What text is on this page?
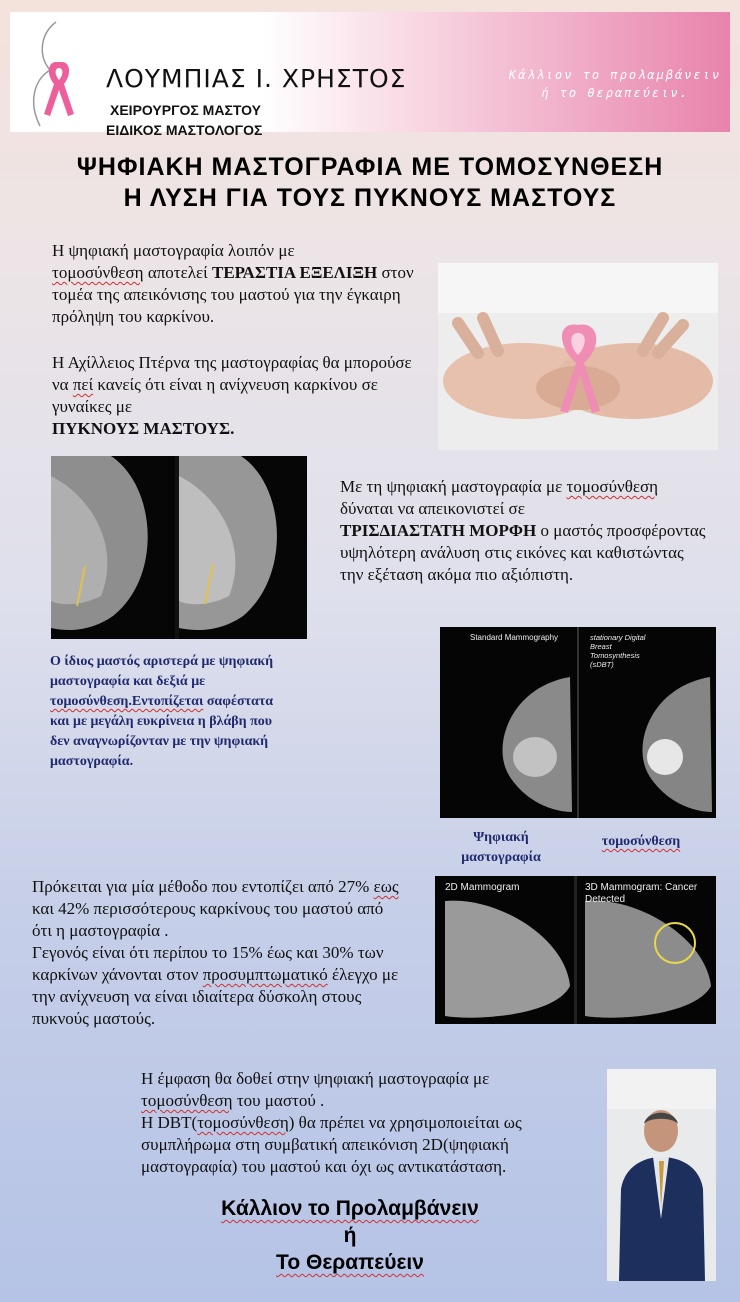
ΛΟΥΜΠΙΑΣ Ι. ΧΡΗΣΤΟΣ
ΧΕΙΡΟΥΡΓΟΣ ΜΑΣΤΟΥ
ΕΙΔΙΚΟΣ ΜΑΣΤΟΛΟΓΟΣ
Κάλλιον το προλαμβάνειν
ή το θεραπεύειν.
ΨΗΦΙΑΚΗ ΜΑΣΤΟΓΡΑΦΙΑ ΜΕ ΤΟΜΟΣΥΝΘΕΣΗ
Η ΛΥΣΗ ΓΙΑ ΤΟΥΣ ΠΥΚΝΟΥΣ ΜΑΣΤΟΥΣ
Η ψηφιακή μαστογραφία λοιπόν με
τομοσύνθεση αποτελεί ΤΕΡΑΣΤΙΑ ΕΞΕΛΙΞΗ στον τομέα της απεικόνισης του μαστού για την έγκαιρη πρόληψη του καρκίνου.
Η Αχίλλειος Πτέρνα της μαστογραφίας θα μπορούσε να πεί κανείς ότι είναι η ανίχνευση καρκίνου σε γυναίκες με
ΠΥΚΝΟΥΣ ΜΑΣΤΟΥΣ.
Με τη ψηφιακή μαστογραφία με τομοσύνθεση
δύναται να απεικονιστεί σε
ΤΡΙΣΔΙΑΣΤΑΤΗ ΜΟΡΦΗ ο μαστός προσφέροντας υψηλότερη ανάλυση στις εικόνες και καθιστώντας την εξέταση ακόμα πιο αξιόπιστη.
Ο ίδιος μαστός αριστερά με ψηφιακή μαστογραφία και δεξιά με τομοσύνθεση.Εντοπίζεται σαφέστατα και με μεγάλη ευκρίνεια η βλάβη που δεν αναγνωρίζονταν με την ψηφιακή μαστογραφία.
Standard Mammography	stationary Digital Breast Tomosynthesis (sDBT)
Ψηφιακή
μαστογραφία
τομοσύνθεση
Πρόκειται για μία μέθοδο που εντοπίζει από 27% εως και 42% περισσότερους καρκίνους του μαστού από ότι η μαστογραφία .
Γεγονός είναι ότι περίπου το 15% έως και 30% των καρκίνων χάνονται στον προσυμπτωματικό έλεγχο με την ανίχνευση να είναι ιδιαίτερα δύσκολη στους πυκνούς μαστούς.
2D Mammogram	3D Mammogram: Cancer Detected
Η έμφαση θα δοθεί στην ψηφιακή μαστογραφία με
τομοσύνθεση του μαστού .
Η DBT(τομοσύνθεση) θα πρέπει να χρησιμοποιείται ως συμπλήρωμα στη συμβατική απεικόνιση 2D(ψηφιακή μαστογραφία) του μαστού και όχι ως αντικατάσταση.
Κάλλιον το Προλαμβάνειν
ή
Το Θεραπεύειν
